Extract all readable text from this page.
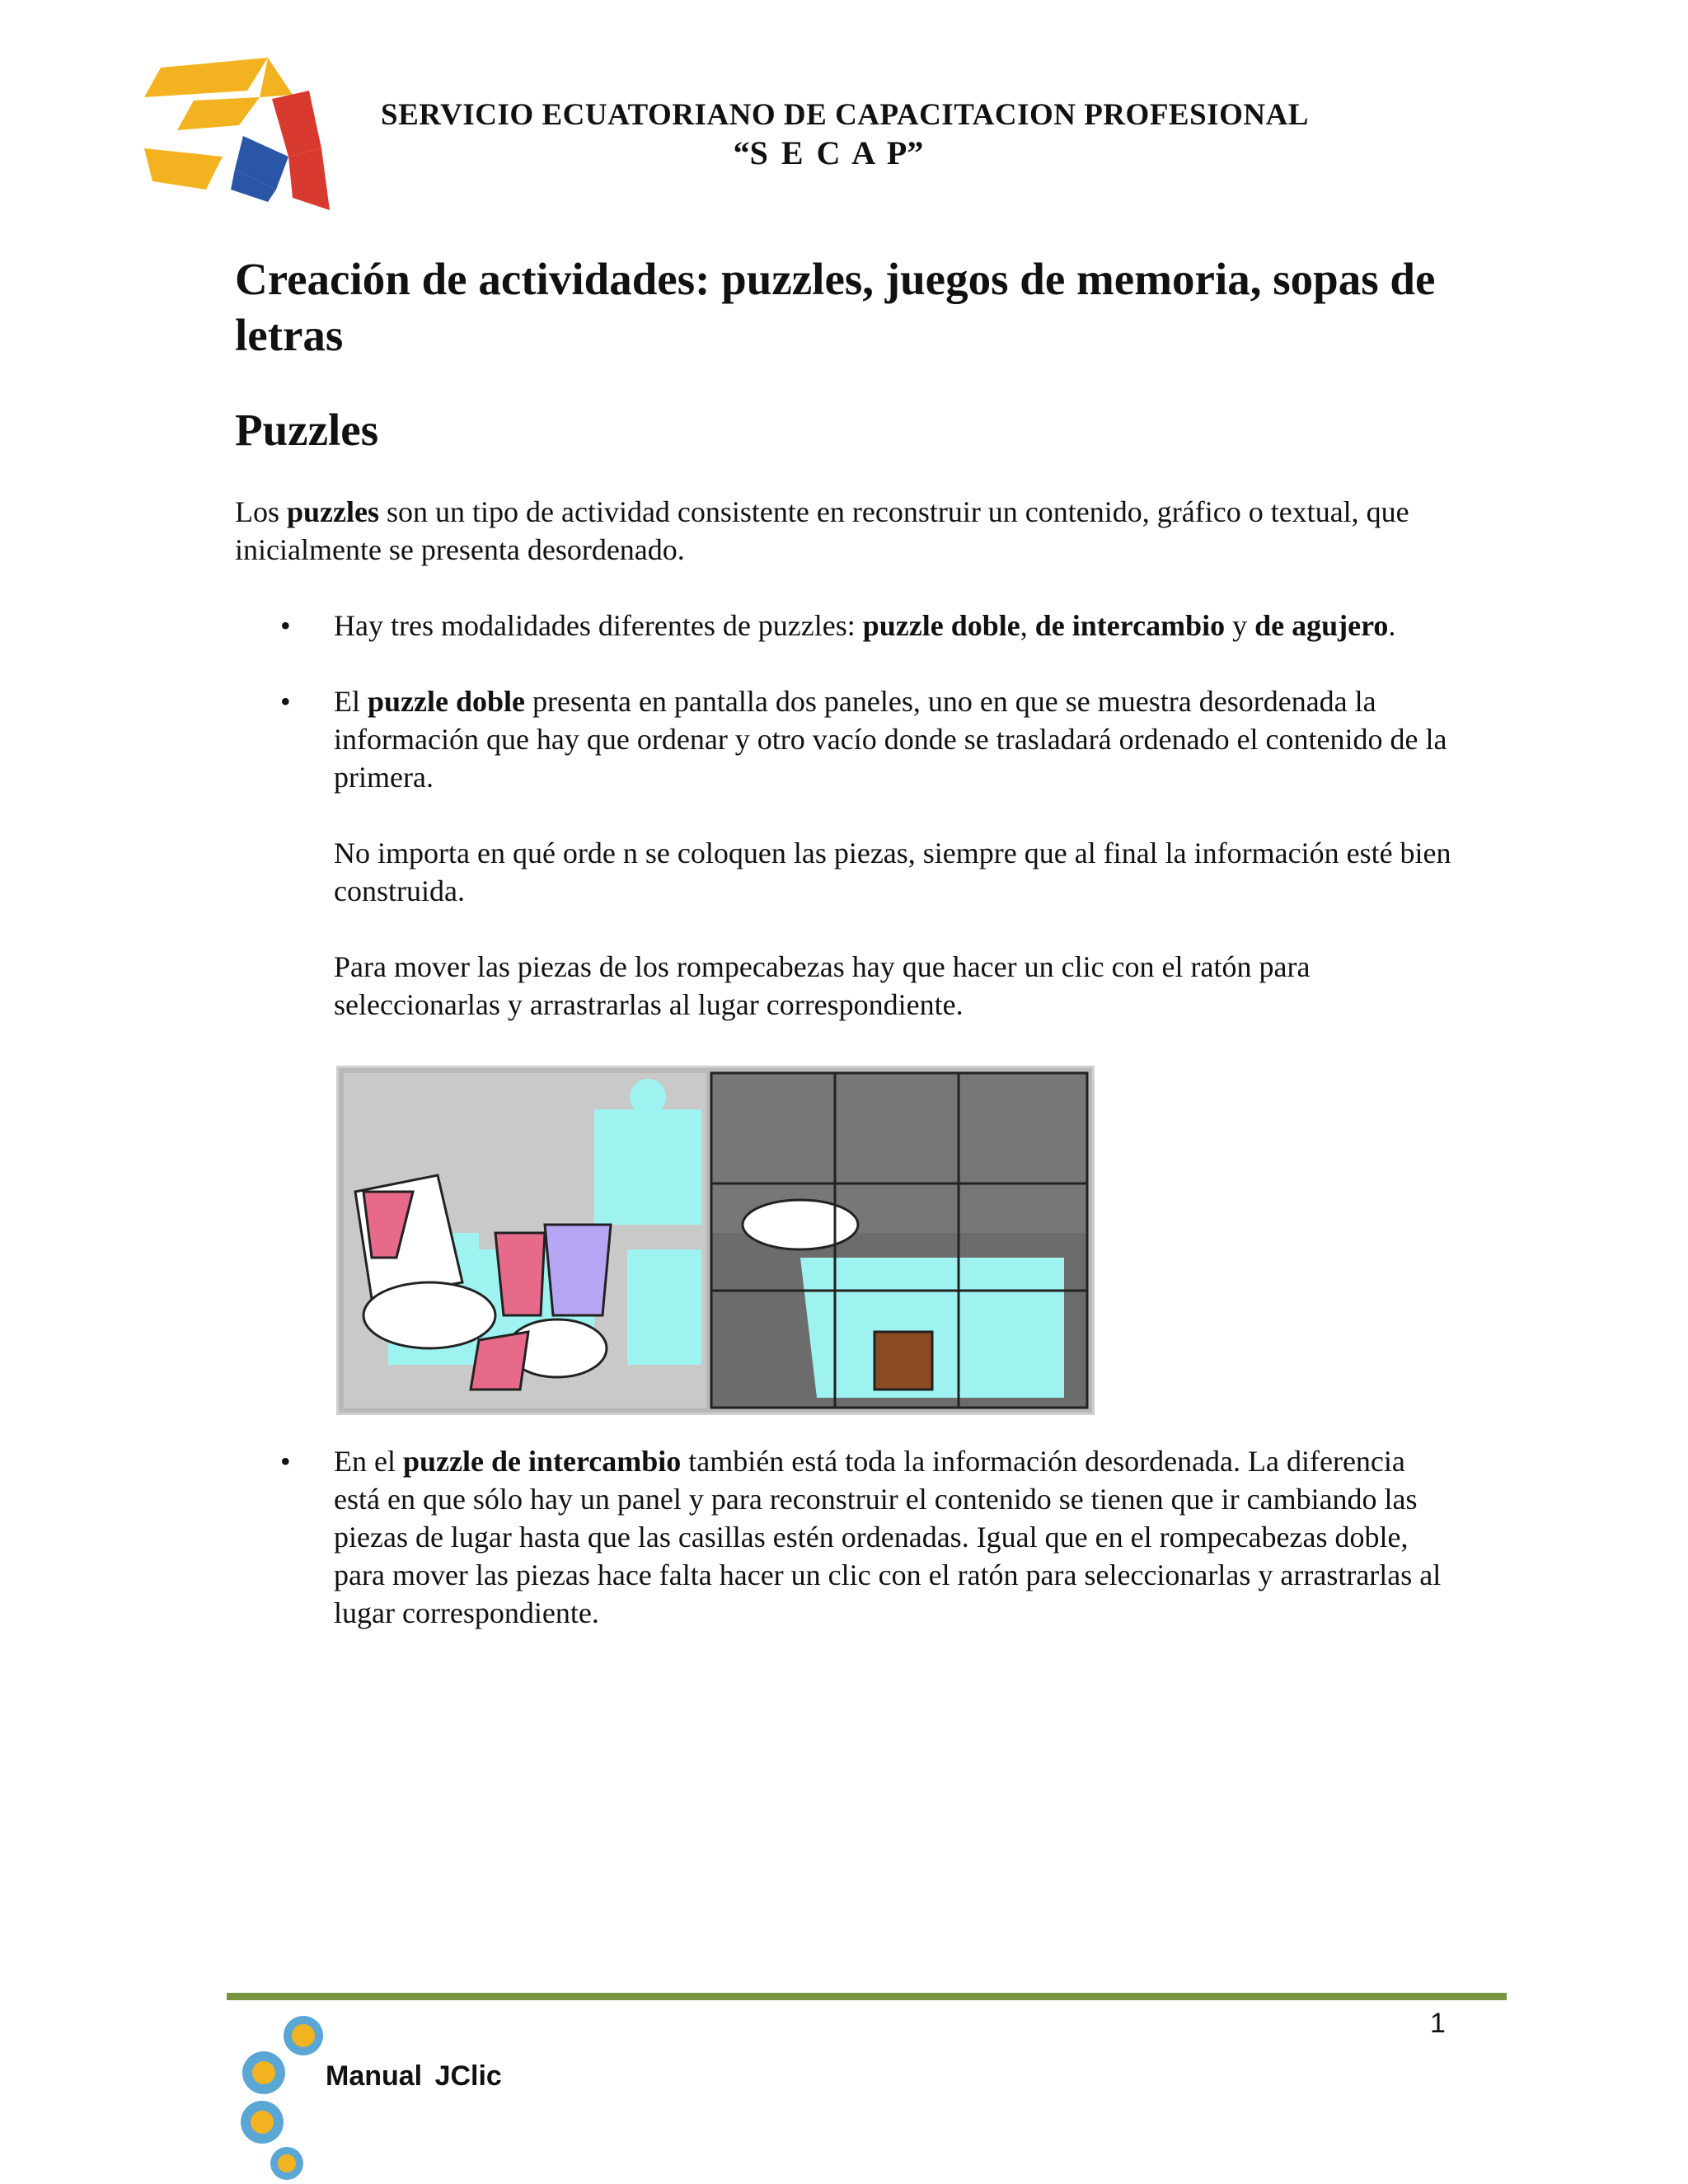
SERVICIO ECUATORIANO DE CAPACITACION PROFESIONAL
“S E C A P”
Creación de actividades: puzzles, juegos de memoria, sopas de letras
Puzzles

Los puzzles son un tipo de actividad consistente en reconstruir un contenido, gráfico o textual, que inicialmente se presenta desordenado.

• Hay tres modalidades diferentes de puzzles: puzzle doble, de intercambio y de agujero.

• El puzzle doble presenta en pantalla dos paneles, uno en que se muestra desordenada la información que hay que ordenar y otro vacío donde se trasladará ordenado el contenido de la primera.

No importa en qué orde n se coloquen las piezas, siempre que al final la información esté bien construida.

Para mover las piezas de los rompecabezas hay que hacer un clic con el ratón para seleccionarlas y arrastrarlas al lugar correspondiente.

• En el puzzle de intercambio también está toda la información desordenada. La diferencia está en que sólo hay un panel y para reconstruir el contenido se tienen que ir cambiando las piezas de lugar hasta que las casillas estén ordenadas. Igual que en el rompecabezas doble, para mover las piezas hace falta hacer un clic con el ratón para seleccionarlas y arrastrarlas al lugar correspondiente.

1
Manual JClic
